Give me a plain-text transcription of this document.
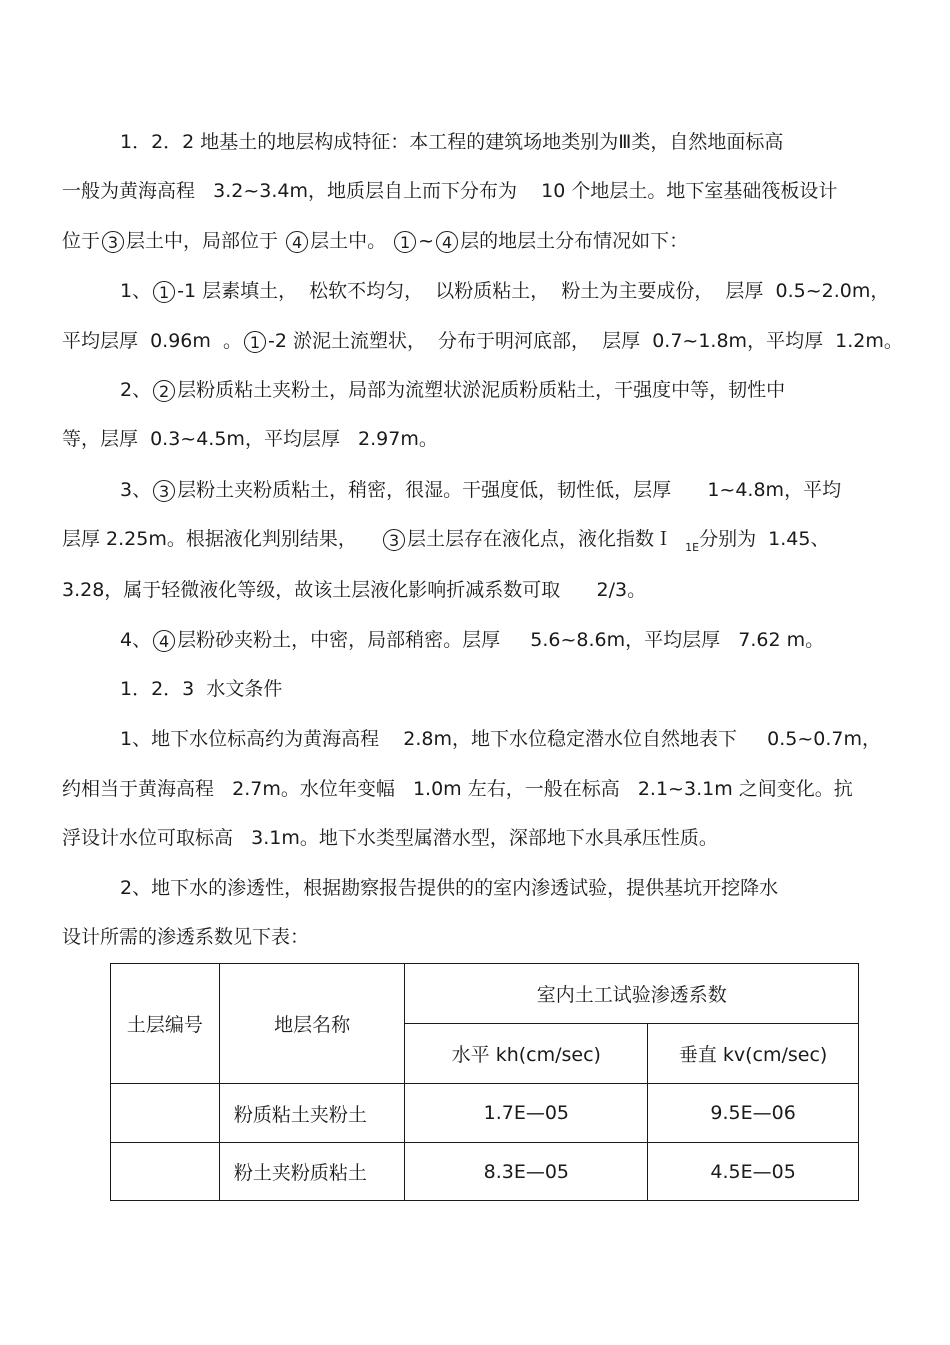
1．2．2 地基土的地层构成特征：本工程的建筑场地类别为Ⅲ类，自然地面标高
一般为黄海高程   3.2~3.4m，地质层自上而下分布为    10 个地层土。地下室基础筏板设计
位于 3 层土中，局部位于 4 层土中。 1 ~ 4 层的地层土分布情况如下：
1、 1 -1 层素填土，  松软不均匀，  以粉质粘土，  粉土为主要成份，  层厚  0.5~2.0m，
平均层厚  0.96m  。 1 -2 淤泥土流塑状，  分布于明河底部，  层厚  0.7~1.8m，平均厚  1.2m。
2、 2 层粉质粘土夹粉土，局部为流塑状淤泥质粉质粘土，干强度中等，韧性中
等，层厚  0.3~4.5m，平均层厚   2.97m。
3、 3 层粉土夹粉质粘土，稍密，很湿。干强度低，韧性低，层厚      1~4.8m，平均
层厚 2.25m。根据液化判别结果， 3 层土层存在液化点，液化指数Ｉ $_{1E}$分别为  1.45、
3.28，属于轻微液化等级，故该土层液化影响折减系数可取      2/3。
4、 4 层粉砂夹粉土，中密，局部稍密。层厚     5.6~8.6m，平均层厚   7.62 m。
1．2．3  水文条件
1、地下水位标高约为黄海高程    2.8m，地下水位稳定潜水位自然地表下     0.5~0.7m，
约相当于黄海高程   2.7m。水位年变幅   1.0m 左右，一般在标高   2.1~3.1m 之间变化。抗
浮设计水位可取标高   3.1m。地下水类型属潜水型，深部地下水具承压性质。
2、地下水的渗透性，根据勘察报告提供的的室内渗透试验，提供基坑开挖降水
设计所需的渗透系数见下表：
土层编号	地层名称	室内土工试验渗透系数	
		水平 kh(cm/sec)	垂直 kv(cm/sec)
	粉质粘土夹粉土	1.7E—05	9.5E—06
	粉土夹粉质粘土	8.3E—05	4.5E—05
